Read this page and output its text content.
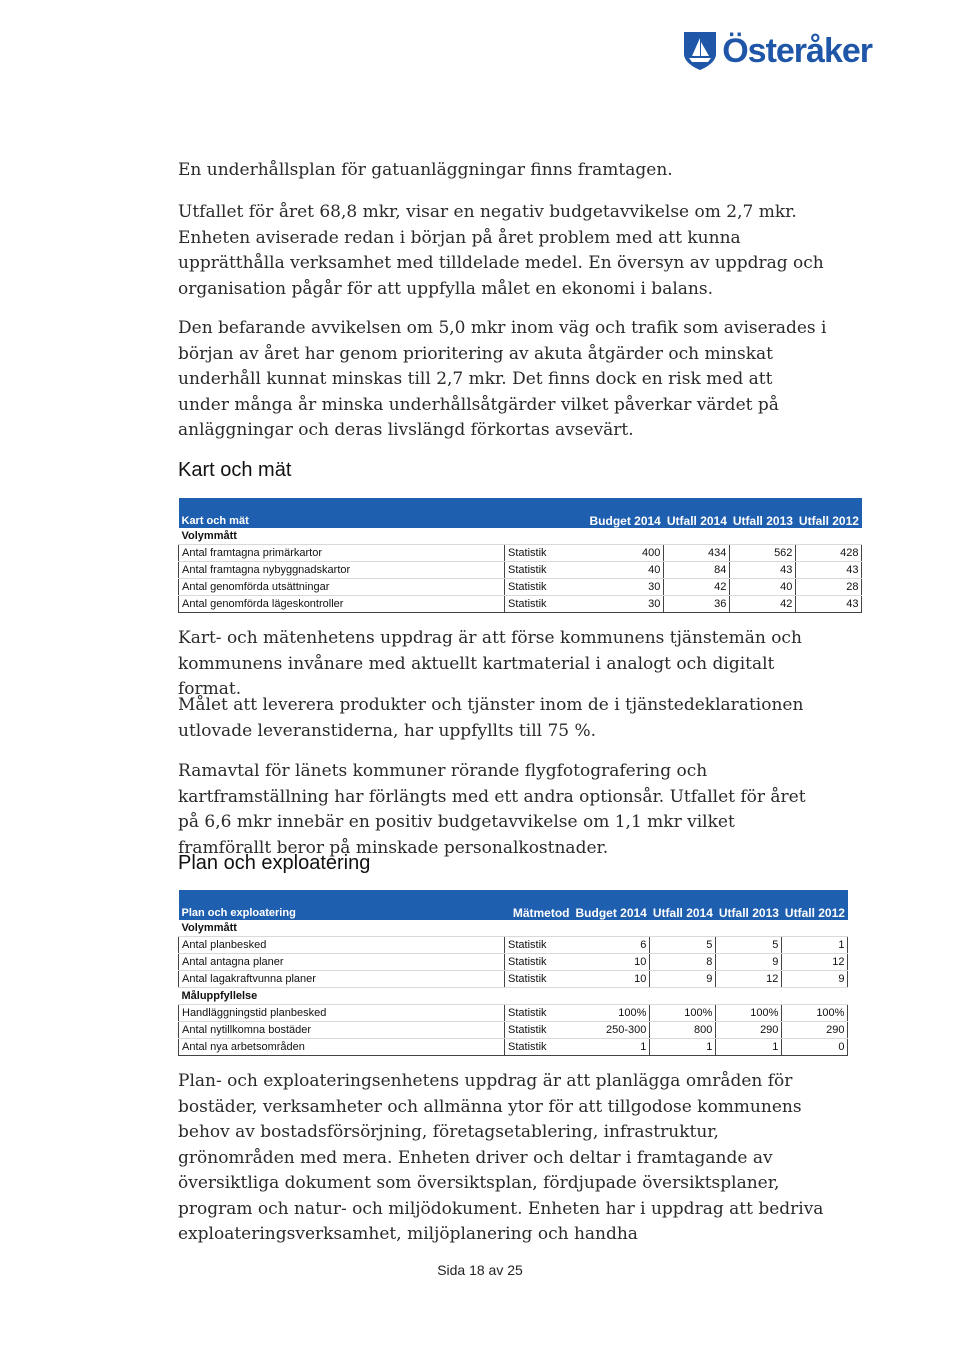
Österåker

En underhållsplan för gatuanläggningar finns framtagen.

Utfallet för året 68,8 mkr, visar en negativ budgetavvikelse om 2,7 mkr. Enheten aviserade redan i början på året problem med att kunna upprätthålla verksamhet med tilldelade medel. En översyn av uppdrag och organisation pågår för att uppfylla målet en ekonomi i balans.

Den befarande avvikelsen om 5,0 mkr inom väg och trafik som aviserades i början av året har genom prioritering av akuta åtgärder och minskat underhåll kunnat minskas till 2,7 mkr. Det finns dock en risk med att under många år minska underhållsåtgärder vilket påverkar värdet på anläggningar och deras livslängd förkortas avsevärt.

Kart och mät
Kart och mät		Budget 2014	Utfall 2014	Utfall 2013	Utfall 2012
Volymmått					
Antal framtagna primärkartor	Statistik	400	434	562	428
Antal framtagna nybyggnadskartor	Statistik	40	84	43	43
Antal genomförda utsättningar	Statistik	30	42	40	28
Antal genomförda lägeskontroller	Statistik	30	36	42	43

Kart- och mätenhetens uppdrag är att förse kommunens tjänstemän och kommunens invånare med aktuellt kartmaterial i analogt och digitalt format.

Målet att leverera produkter och tjänster inom de i tjänstedeklarationen utlovade leveranstiderna, har uppfyllts till 75 %.

Ramavtal för länets kommuner rörande flygfotografering och kartframställning har förlängts med ett andra optionsår. Utfallet för året på 6,6 mkr innebär en positiv budgetavvikelse om 1,1 mkr vilket framförallt beror på minskade personalkostnader.

Plan och exploatering
Plan och exploatering	Mätmetod	Budget 2014	Utfall 2014	Utfall 2013	Utfall 2012
Volymmått					
Antal planbesked	Statistik	6	5	5	1
Antal antagna planer	Statistik	10	8	9	12
Antal lagakraftvunna planer	Statistik	10	9	12	9
Måluppfyllelse					
Handläggningstid planbesked	Statistik	100%	100%	100%	100%
Antal nytillkomna bostäder	Statistik	250-300	800	290	290
Antal nya arbetsområden	Statistik	1	1	1	0

Plan- och exploateringsenhetens uppdrag är att planlägga områden för bostäder, verksamheter och allmänna ytor för att tillgodose kommunens behov av bostadsförsörjning, företagsetablering, infrastruktur, grönområden med mera. Enheten driver och deltar i framtagande av översiktliga dokument som översiktsplan, fördjupade översiktsplaner, program och natur- och miljödokument. Enheten har i uppdrag att bedriva exploateringsverksamhet, miljöplanering och handha

Sida 18 av 25
